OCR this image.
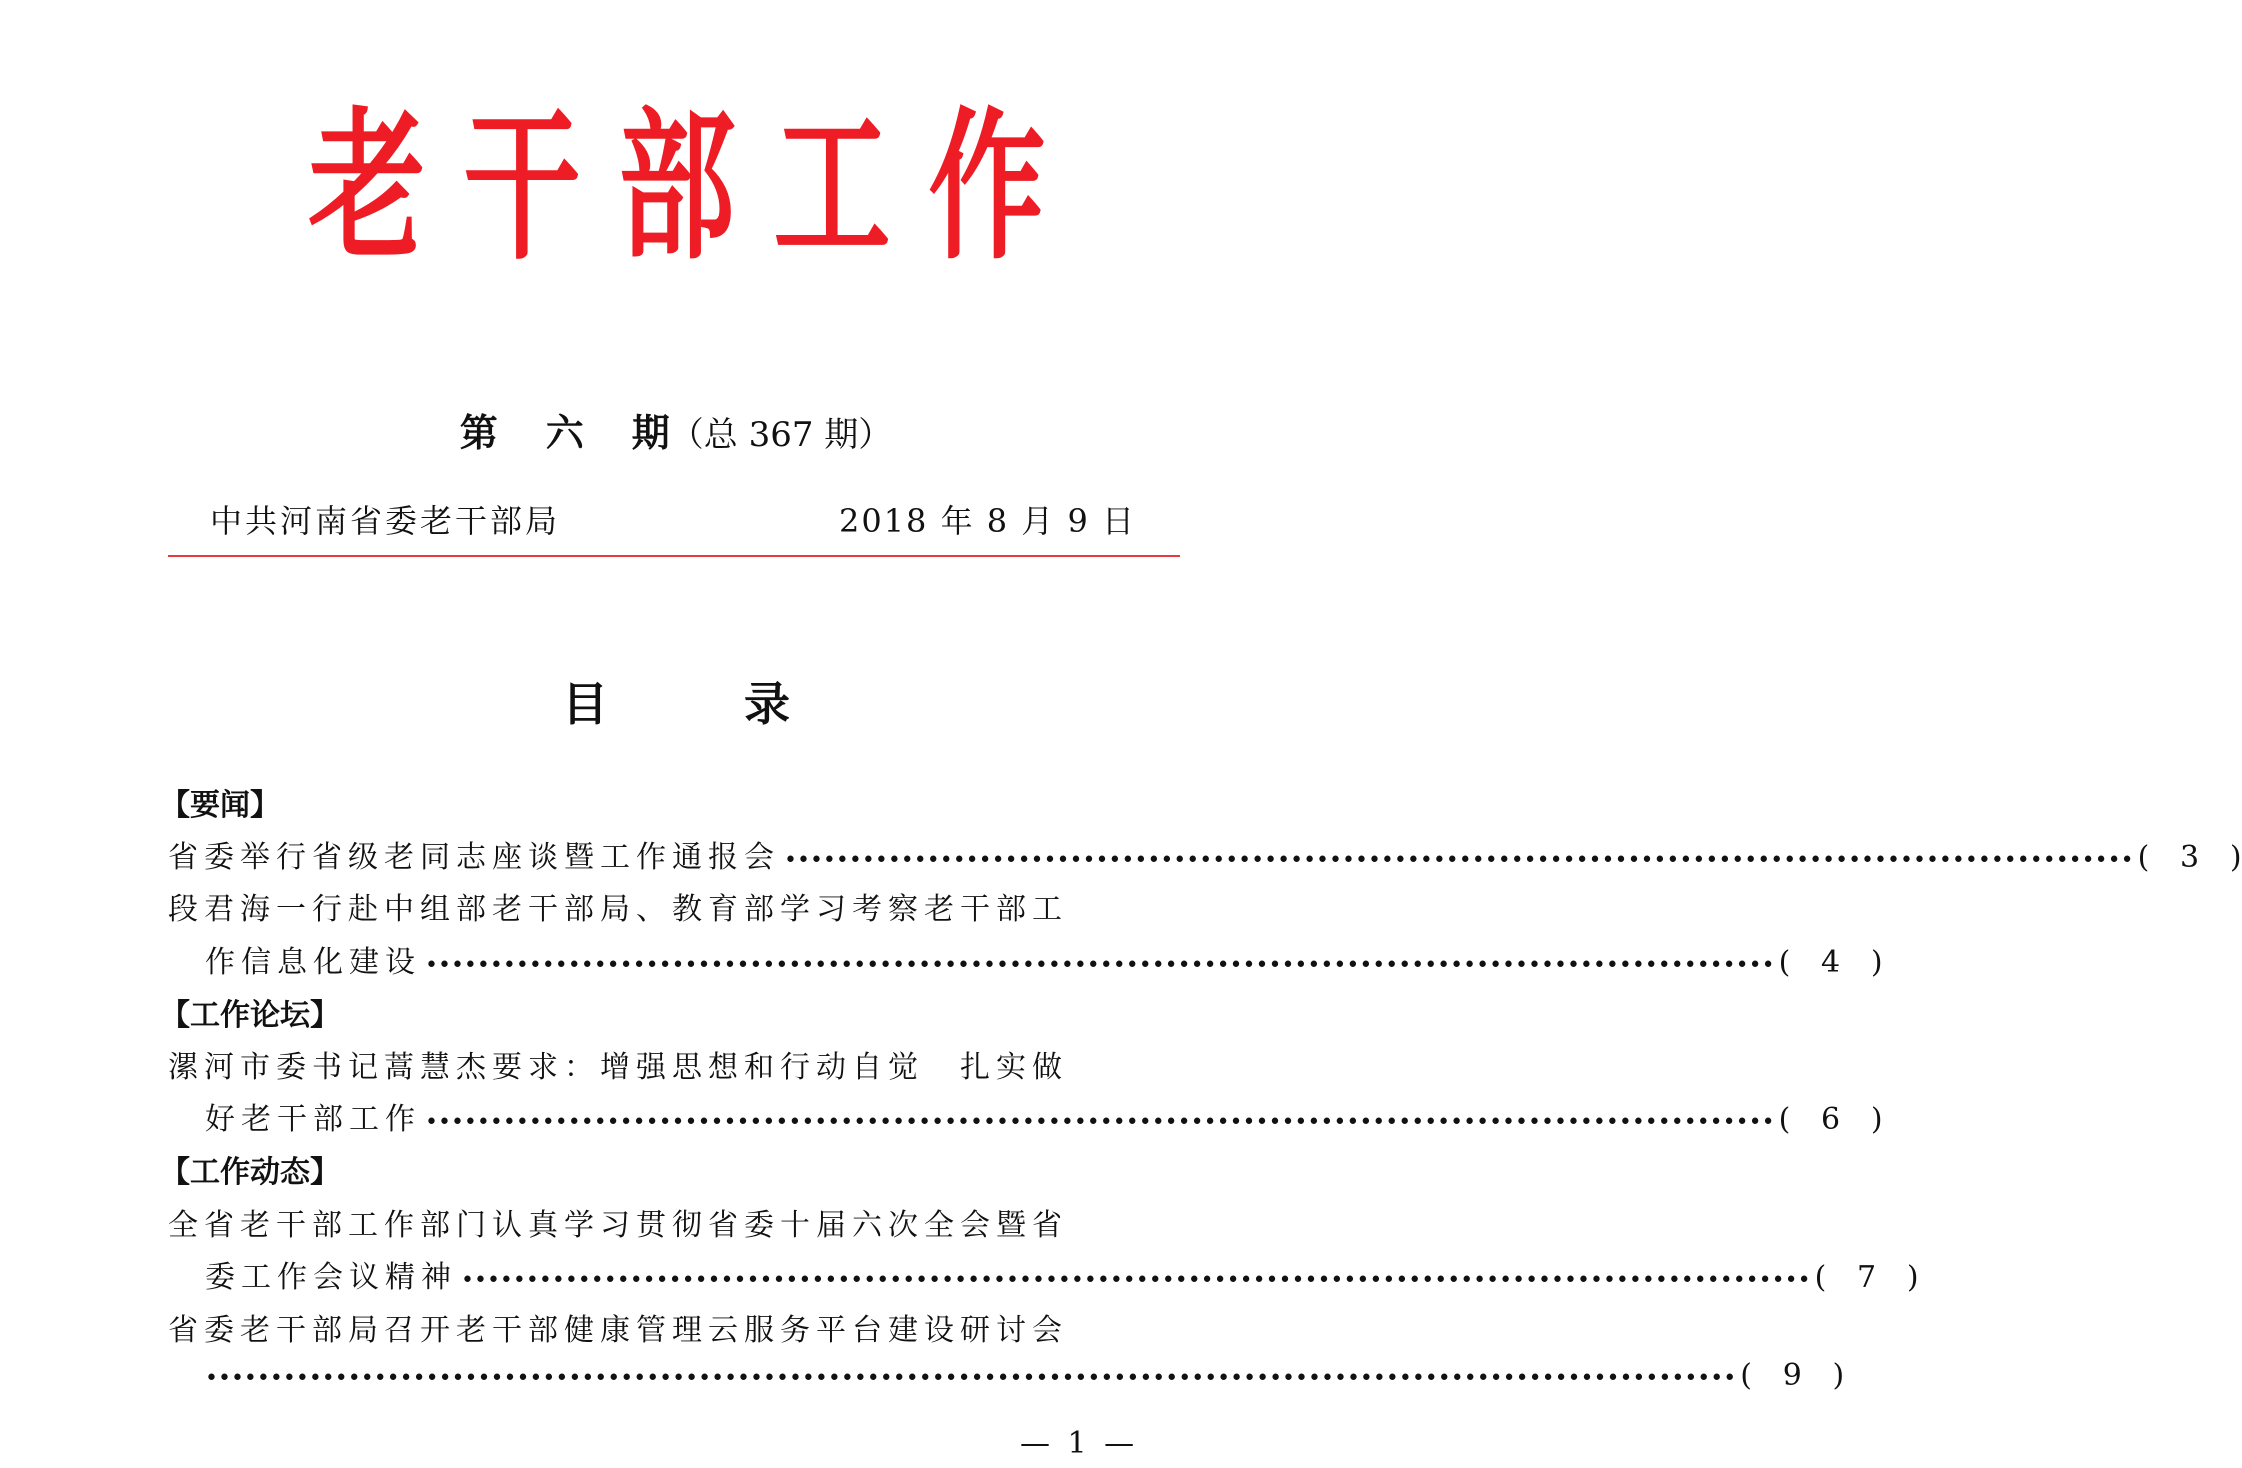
老 干 部 工 作
第 六 期（总 367 期）
中共河南省委老干部局	2018 年 8 月 9 日
目	录
【要闻】
省委举行省级老同志座谈暨工作通报会 •••••••••••••••••••••••••••••••••••••••••••••••••••••••••••••••••••••••••••••••••••••••••••••••••••••••• ( 3 )
段君海一行赴中组部老干部局、教育部学习考察老干部工
作信息化建设 •••••••••••••••••••••••••••••••••••••••••••••••••••••••••••••••••••••••••••••••••••••••••••••••••••••••• ( 4 )
【工作论坛】
漯河市委书记蒿慧杰要求：增强思想和行动自觉　扎实做
好老干部工作 •••••••••••••••••••••••••••••••••••••••••••••••••••••••••••••••••••••••••••••••••••••••••••••••••••••••• ( 6 )
【工作动态】
全省老干部工作部门认真学习贯彻省委十届六次全会暨省
委工作会议精神 •••••••••••••••••••••••••••••••••••••••••••••••••••••••••••••••••••••••••••••••••••••••••••••••••••••••• ( 7 )
省委老干部局召开老干部健康管理云服务平台建设研讨会
•••••••••••••••••••••••••••••••••••••••••••••••••••••••••••••••••••••••••••••••••••••••••••••••••••••••••••••••••••••• ( 9 )
— 1 —
